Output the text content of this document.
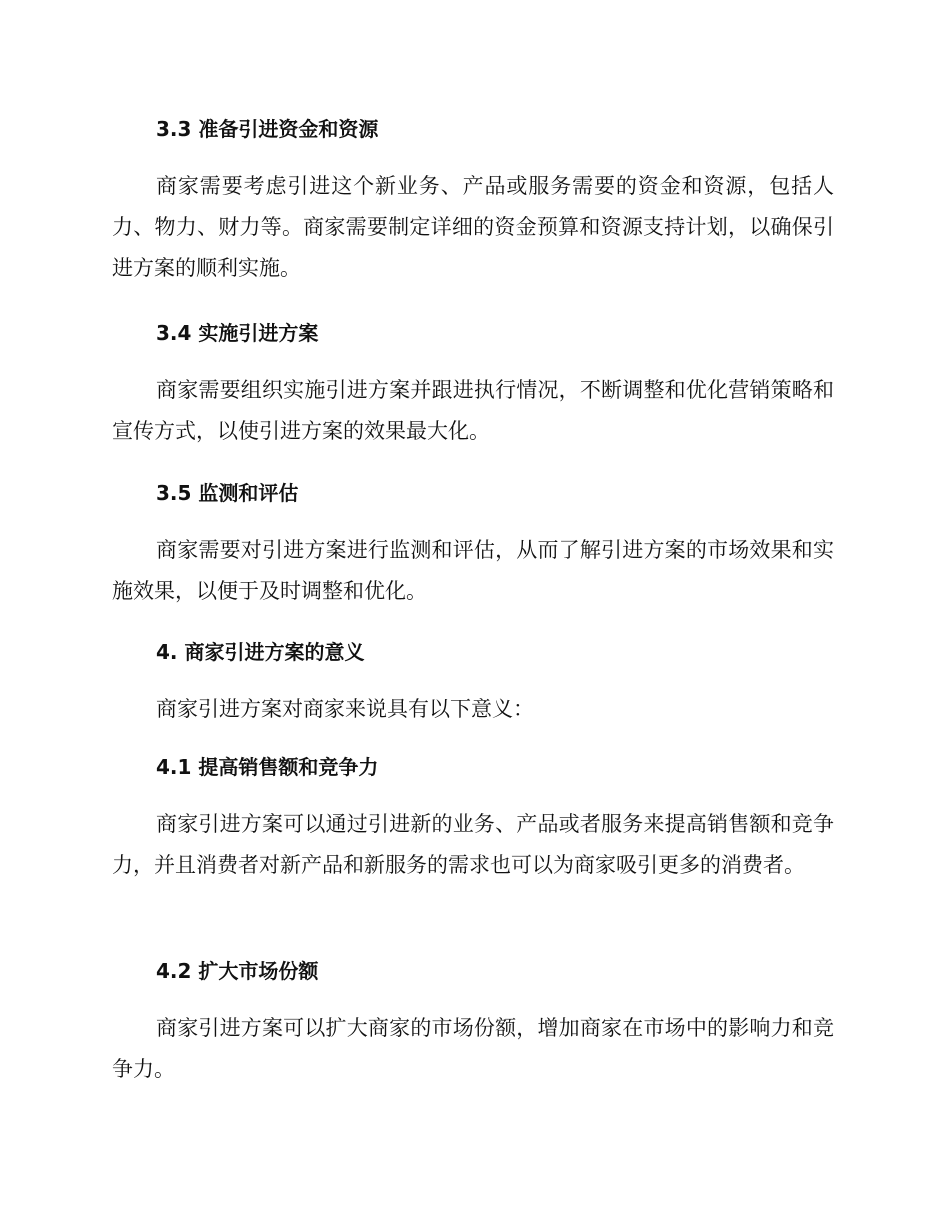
3.3 准备引进资金和资源

商家需要考虑引进这个新业务、产品或服务需要的资金和资源，包括人力、物力、财力等。商家需要制定详细的资金预算和资源支持计划，以确保引进方案的顺利实施。

3.4 实施引进方案

商家需要组织实施引进方案并跟进执行情况，不断调整和优化营销策略和宣传方式，以使引进方案的效果最大化。

3.5 监测和评估

商家需要对引进方案进行监测和评估，从而了解引进方案的市场效果和实施效果，以便于及时调整和优化。

4. 商家引进方案的意义

商家引进方案对商家来说具有以下意义：

4.1 提高销售额和竞争力

商家引进方案可以通过引进新的业务、产品或者服务来提高销售额和竞争力，并且消费者对新产品和新服务的需求也可以为商家吸引更多的消费者。

4.2 扩大市场份额

商家引进方案可以扩大商家的市场份额，增加商家在市场中的影响力和竞争力。
